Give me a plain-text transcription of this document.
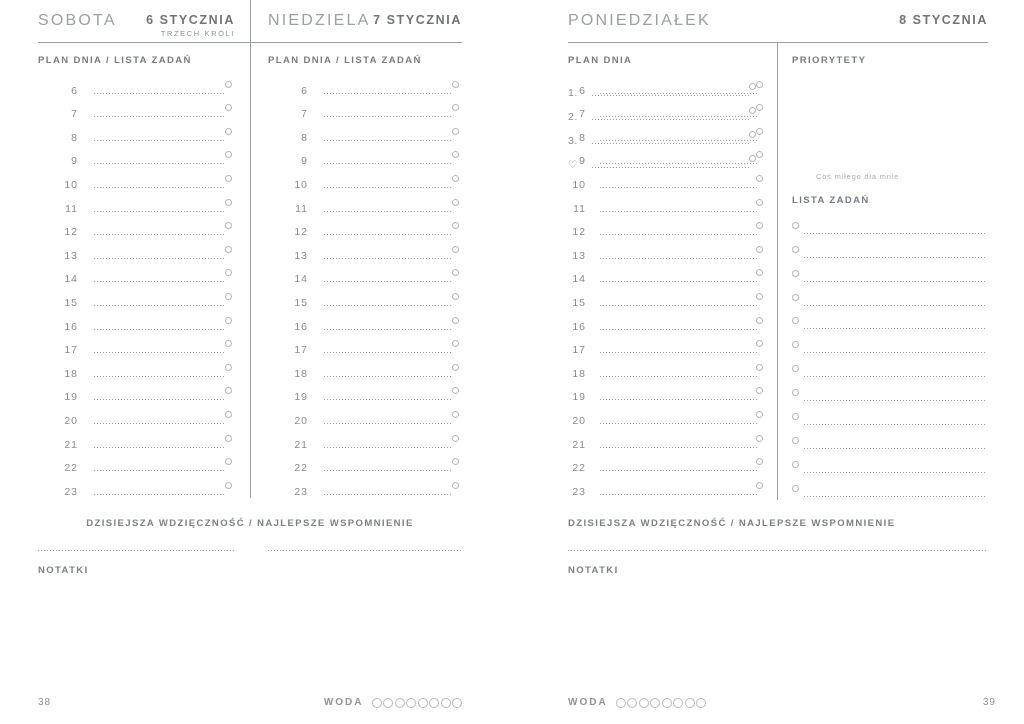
SOBOTA	6 STYCZNIA
TRZECH KRÓLI
NIEDZIELA 7 STYCZNIA
PLAN DNIA / LISTA ZADAŃ	PLAN DNIA / LISTA ZADAŃ
6
7
8
9
10
11
12
13
14
15
16
17
18
19
20
21
22
23
6
7
8
9
10
11
12
13
14
15
16
17
18
19
20
21
22
23
DZISIEJSZA WDZIĘCZNOŚĆ / NAJLEPSZE WSPOMNIENIE
NOTATKI
38	WODA
PONIEDZIAŁEK	8 STYCZNIA
PLAN DNIA	PRIORYTETY
6
7
8
9
10
11
12
13
14
15
16
17
18
19
20
21
22
23
1.
2.
3.
♡
Coś miłego dla mnie
LISTA ZADAŃ
DZISIEJSZA WDZIĘCZNOŚĆ / NAJLEPSZE WSPOMNIENIE
NOTATKI
WODA	39
